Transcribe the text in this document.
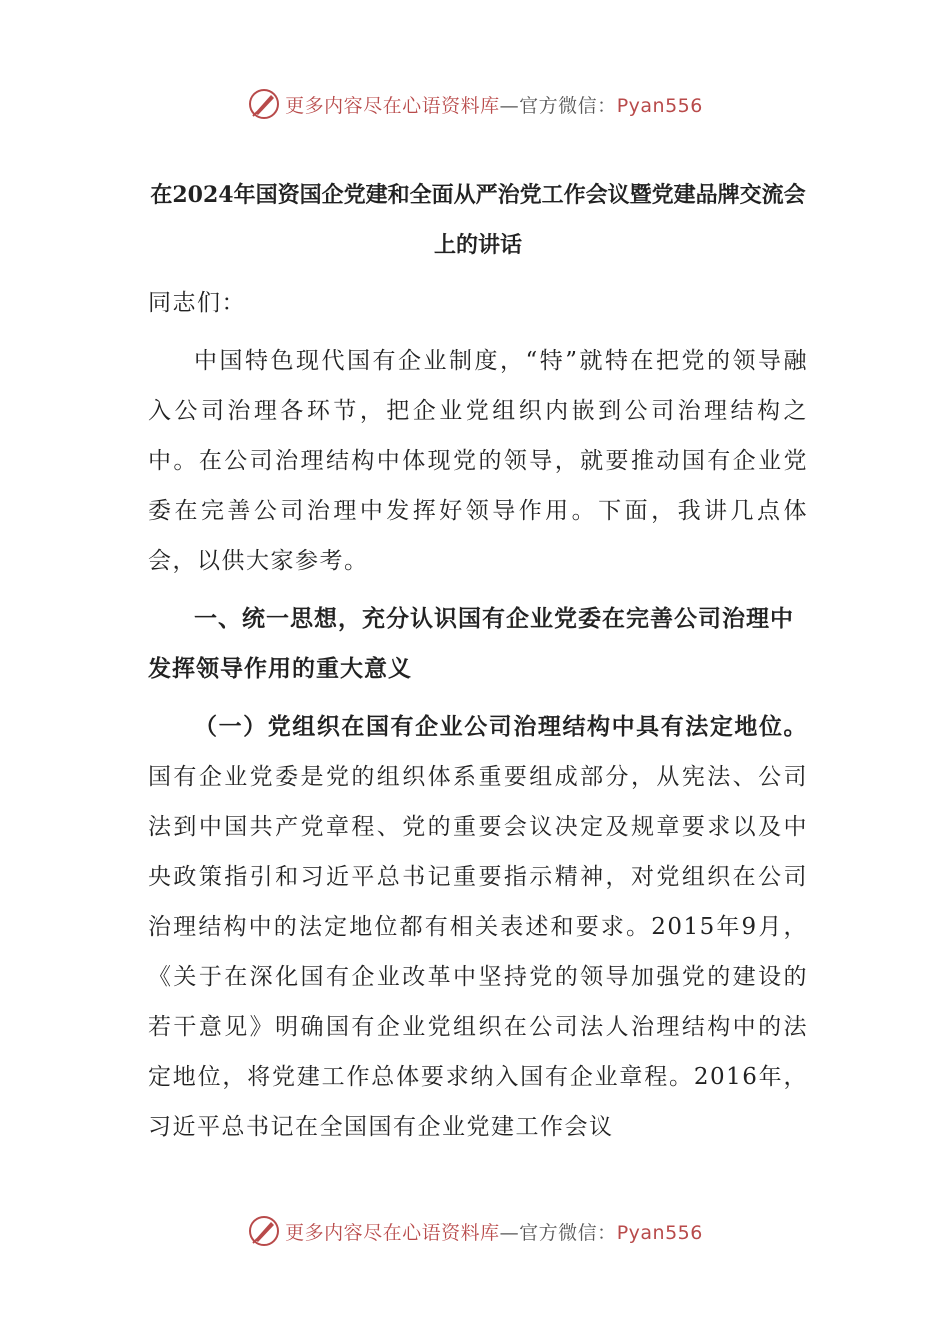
更多内容尽在心语资料库—官方微信：Pyan556
在2024年国资国企党建和全面从严治党工作会议暨党建品牌交流会上的讲话

同志们：

中国特色现代国有企业制度，“特”就特在把党的领导融入公司治理各环节，把企业党组织内嵌到公司治理结构之中。在公司治理结构中体现党的领导，就要推动国有企业党委在完善公司治理中发挥好领导作用。下面，我讲几点体会，以供大家参考。

一、统一思想，充分认识国有企业党委在完善公司治理中发挥领导作用的重大意义

（一）党组织在国有企业公司治理结构中具有法定地位。国有企业党委是党的组织体系重要组成部分，从宪法、公司法到中国共产党章程、党的重要会议决定及规章要求以及中央政策指引和习近平总书记重要指示精神，对党组织在公司治理结构中的法定地位都有相关表述和要求。2015年9月，《关于在深化国有企业改革中坚持党的领导加强党的建设的若干意见》明确国有企业党组织在公司法人治理结构中的法定地位，将党建工作总体要求纳入国有企业章程。2016年，习近平总书记在全国国有企业党建工作会议

更多内容尽在心语资料库—官方微信：Pyan556
